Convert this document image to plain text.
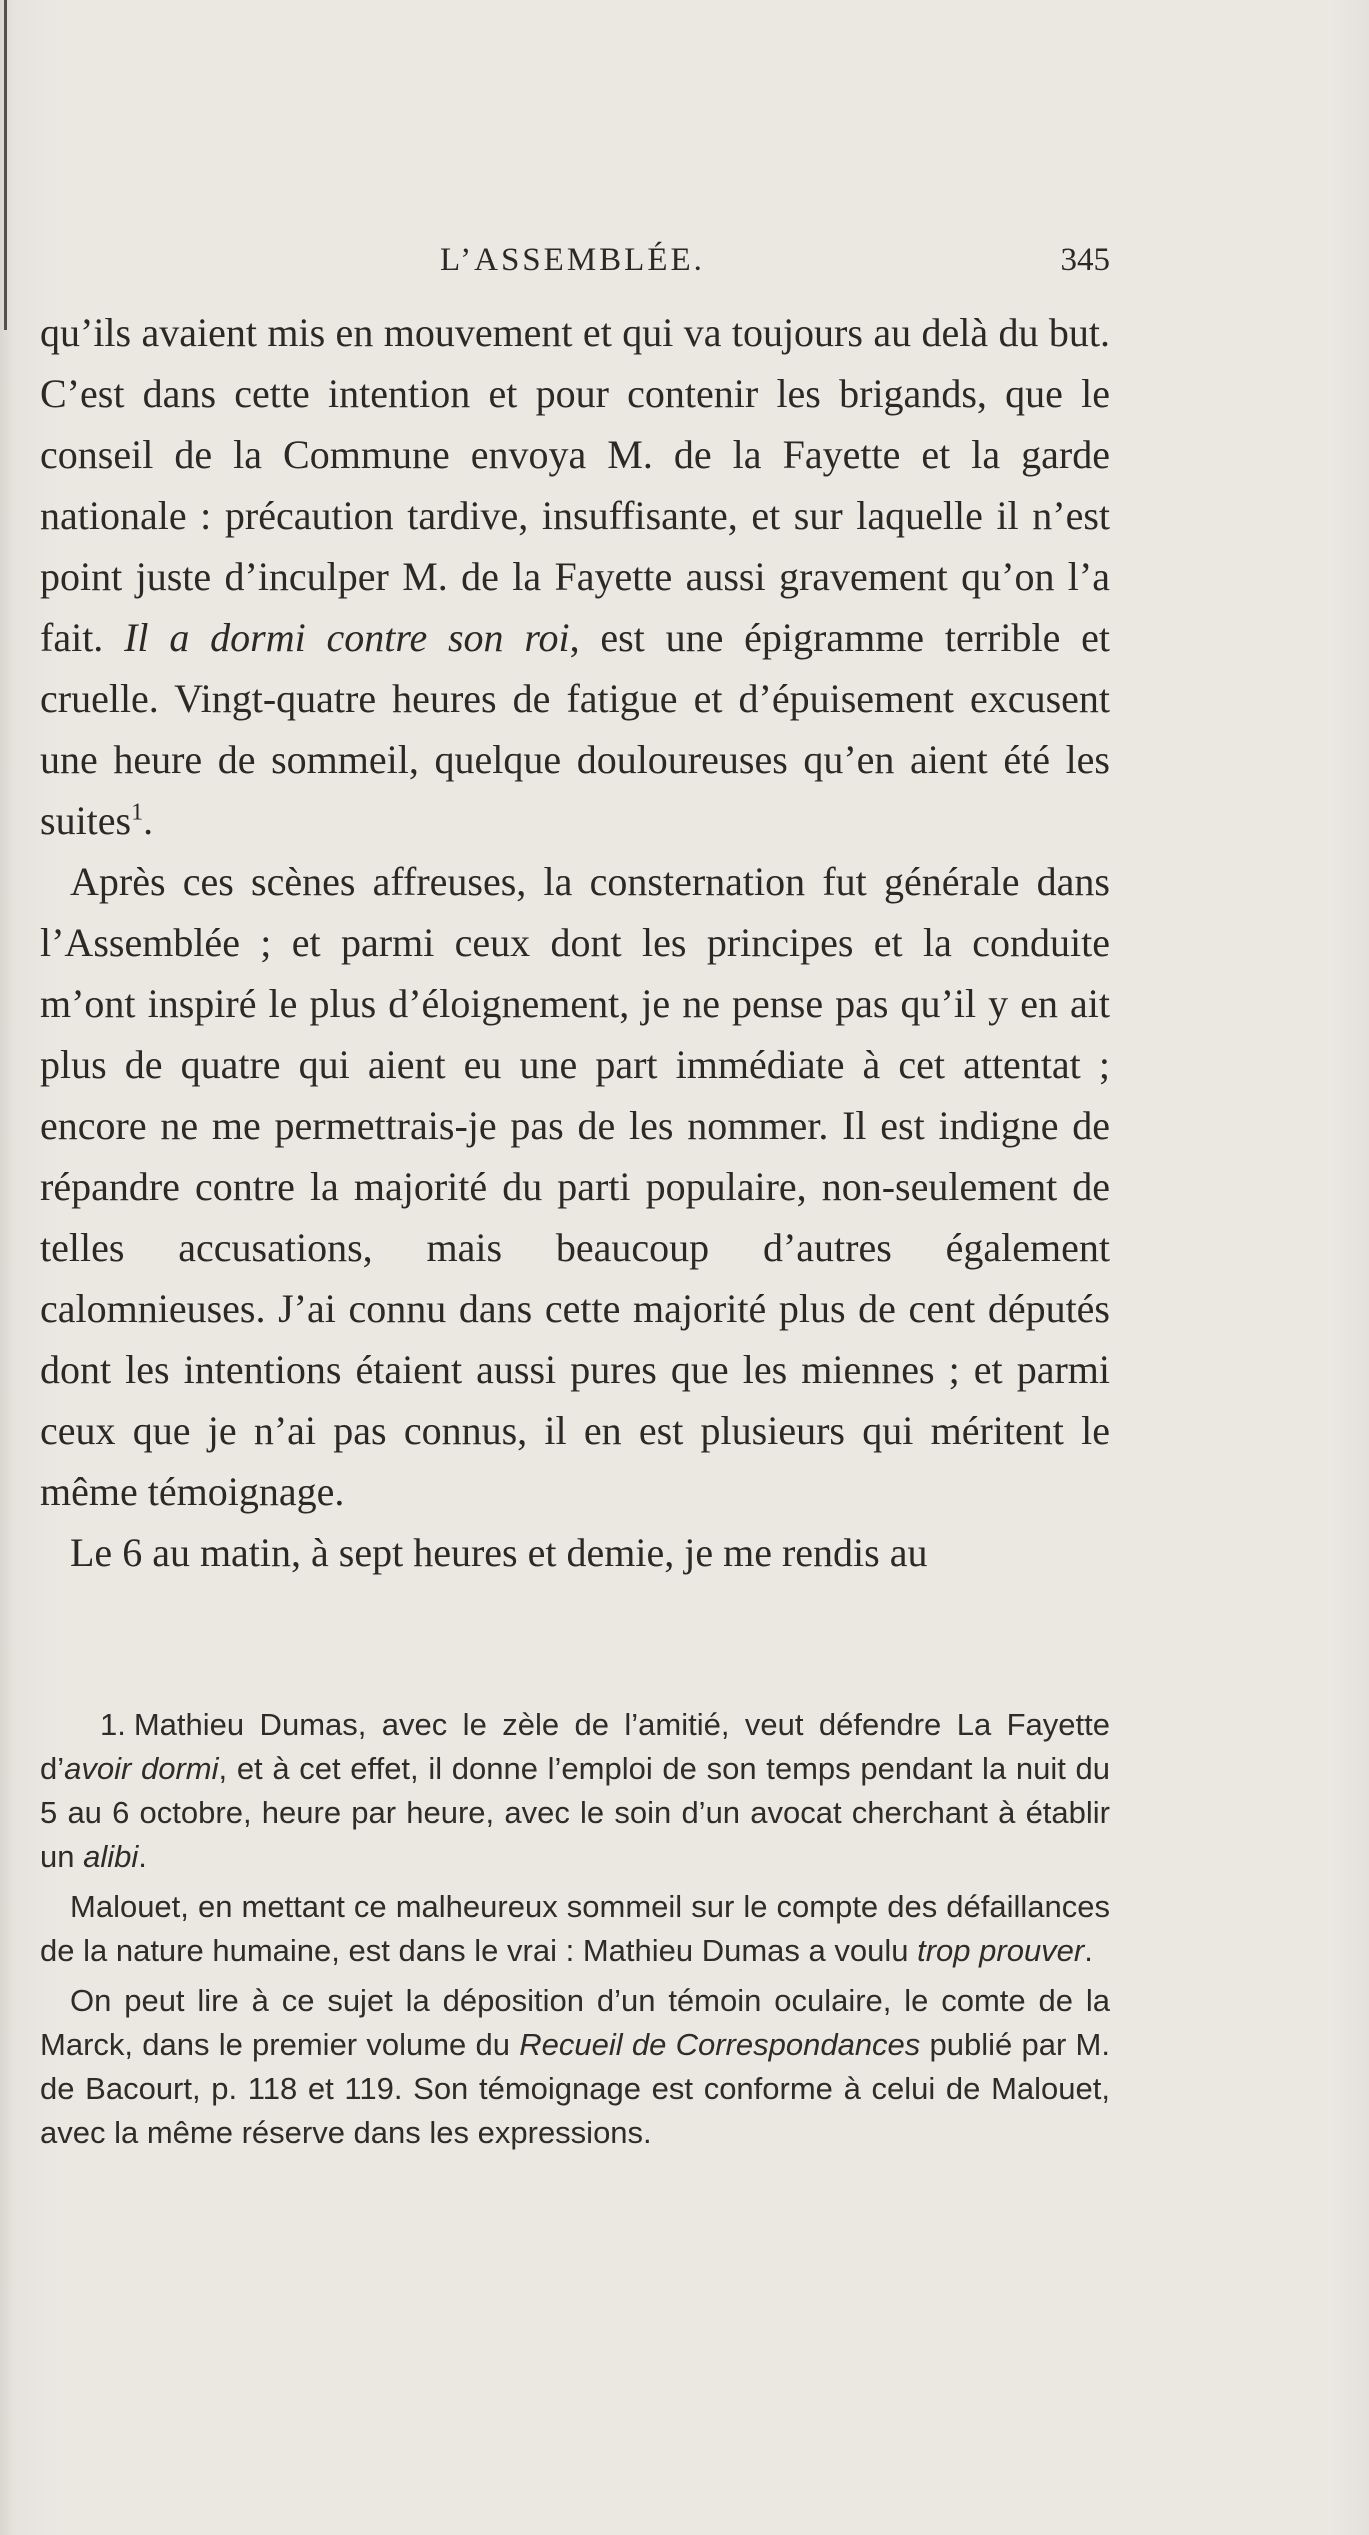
L’ASSEMBLÉE.	345

qu’ils avaient mis en mouvement et qui va toujours au delà du but. C’est dans cette intention et pour contenir les brigands, que le conseil de la Commune envoya M. de la Fayette et la garde nationale : précaution tardive, insuffisante, et sur laquelle il n’est point juste d’inculper M. de la Fayette aussi gravement qu’on l’a fait. Il a dormi contre son roi, est une épigramme terrible et cruelle. Vingt-quatre heures de fatigue et d’épuisement excusent une heure de sommeil, quelque douloureuses qu’en aient été les suites$^1$.

Après ces scènes affreuses, la consternation fut générale dans l’Assemblée ; et parmi ceux dont les principes et la conduite m’ont inspiré le plus d’éloignement, je ne pense pas qu’il y en ait plus de quatre qui aient eu une part immédiate à cet attentat ; encore ne me permettrais-je pas de les nommer. Il est indigne de répandre contre la majorité du parti populaire, non-seulement de telles accusations, mais beaucoup d’autres également calomnieuses. J’ai connu dans cette majorité plus de cent députés dont les intentions étaient aussi pures que les miennes ; et parmi ceux que je n’ai pas connus, il en est plusieurs qui méritent le même témoignage.

Le 6 au matin, à sept heures et demie, je me rendis au

1. Mathieu Dumas, avec le zèle de l’amitié, veut défendre La Fayette d’avoir dormi, et à cet effet, il donne l’emploi de son temps pendant la nuit du 5 au 6 octobre, heure par heure, avec le soin d’un avocat cherchant à établir un alibi.

Malouet, en mettant ce malheureux sommeil sur le compte des défaillances de la nature humaine, est dans le vrai : Mathieu Dumas a voulu trop prouver.

On peut lire à ce sujet la déposition d’un témoin oculaire, le comte de la Marck, dans le premier volume du Recueil de Correspondances publié par M. de Bacourt, p. 118 et 119. Son témoignage est conforme à celui de Malouet, avec la même réserve dans les expressions.
